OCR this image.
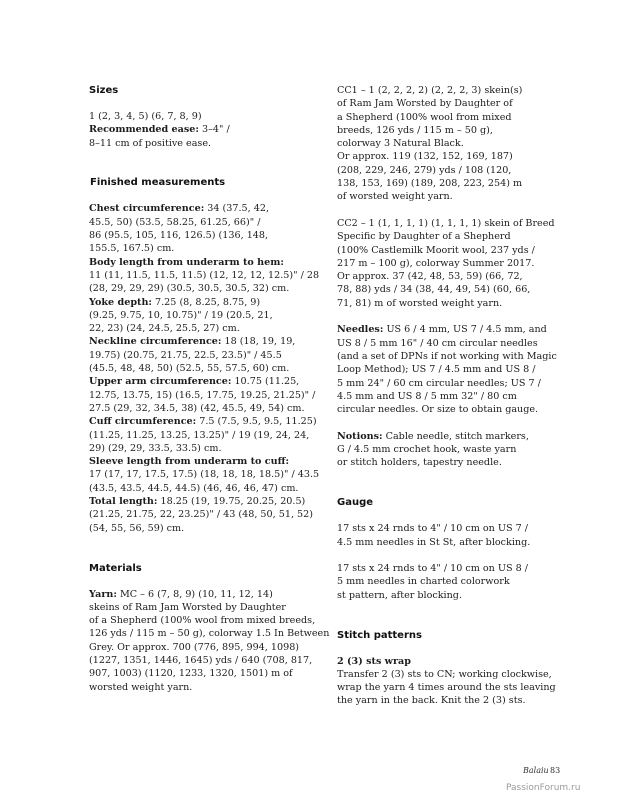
Sizes

1 (2, 3, 4, 5) (6, 7, 8, 9)
Recommended ease: 3–4" /
8–11 cm of positive ease.

Finished measurements

Chest circumference: 34 (37.5, 42,
45.5, 50) (53.5, 58.25, 61.25, 66)" /
86 (95.5, 105, 116, 126.5) (136, 148,
155.5, 167.5) cm.
Body length from underarm to hem:
11 (11, 11.5, 11.5, 11.5) (12, 12, 12, 12.5)" / 28
(28, 29, 29, 29) (30.5, 30.5, 30.5, 32) cm.
Yoke depth: 7.25 (8, 8.25, 8.75, 9)
(9.25, 9.75, 10, 10.75)" / 19 (20.5, 21,
22, 23) (24, 24.5, 25.5, 27) cm.
Neckline circumference: 18 (18, 19, 19,
19.75) (20.75, 21.75, 22.5, 23.5)" / 45.5
(45.5, 48, 48, 50) (52.5, 55, 57.5, 60) cm.
Upper arm circumference: 10.75 (11.25,
12.75, 13.75, 15) (16.5, 17.75, 19.25, 21.25)" /
27.5 (29, 32, 34.5, 38) (42, 45.5, 49, 54) cm.
Cuff circumference: 7.5 (7.5, 9.5, 9.5, 11.25)
(11.25, 11.25, 13.25, 13.25)" / 19 (19, 24, 24,
29) (29, 29, 33.5, 33.5) cm.
Sleeve length from underarm to cuff:
17 (17, 17, 17.5, 17.5) (18, 18, 18, 18.5)" / 43.5
(43.5, 43.5, 44.5, 44.5) (46, 46, 46, 47) cm.
Total length: 18.25 (19, 19.75, 20.25, 20.5)
(21.25, 21.75, 22, 23.25)" / 43 (48, 50, 51, 52)
(54, 55, 56, 59) cm.

Materials

Yarn: MC – 6 (7, 8, 9) (10, 11, 12, 14)
skeins of Ram Jam Worsted by Daughter
of a Shepherd (100% wool from mixed breeds,
126 yds / 115 m – 50 g), colorway 1.5 In Between
Grey. Or approx. 700 (776, 895, 994, 1098)
(1227, 1351, 1446, 1645) yds / 640 (708, 817,
907, 1003) (1120, 1233, 1320, 1501) m of
worsted weight yarn.

CC1 – 1 (2, 2, 2, 2) (2, 2, 2, 3) skein(s)
of Ram Jam Worsted by Daughter of
a Shepherd (100% wool from mixed
breeds, 126 yds / 115 m – 50 g),
colorway 3 Natural Black.
Or approx. 119 (132, 152, 169, 187)
(208, 229, 246, 279) yds / 108 (120,
138, 153, 169) (189, 208, 223, 254) m
of worsted weight yarn.

CC2 – 1 (1, 1, 1, 1) (1, 1, 1, 1) skein of Breed
Specific by Daughter of a Shepherd
(100% Castlemilk Moorit wool, 237 yds /
217 m – 100 g), colorway Summer 2017.
Or approx. 37 (42, 48, 53, 59) (66, 72,
78, 88) yds / 34 (38, 44, 49, 54) (60, 66,
71, 81) m of worsted weight yarn.

Needles: US 6 / 4 mm, US 7 / 4.5 mm, and
US 8 / 5 mm 16" / 40 cm circular needles
(and a set of DPNs if not working with Magic
Loop Method); US 7 / 4.5 mm and US 8 /
5 mm 24" / 60 cm circular needles; US 7 /
4.5 mm and US 8 / 5 mm 32" / 80 cm
circular needles. Or size to obtain gauge.

Notions: Cable needle, stitch markers,
G / 4.5 mm crochet hook, waste yarn
or stitch holders, tapestry needle.

Gauge

17 sts x 24 rnds to 4" / 10 cm on US 7 /
4.5 mm needles in St St, after blocking.

17 sts x 24 rnds to 4" / 10 cm on US 8 /
5 mm needles in charted colorwork
st pattern, after blocking.

Stitch patterns

2 (3) sts wrap

Transfer 2 (3) sts to CN; working clockwise,
wrap the yarn 4 times around the sts leaving
the yarn in the back. Knit the 2 (3) sts.

Balaiu 83
PassionForum.ru
